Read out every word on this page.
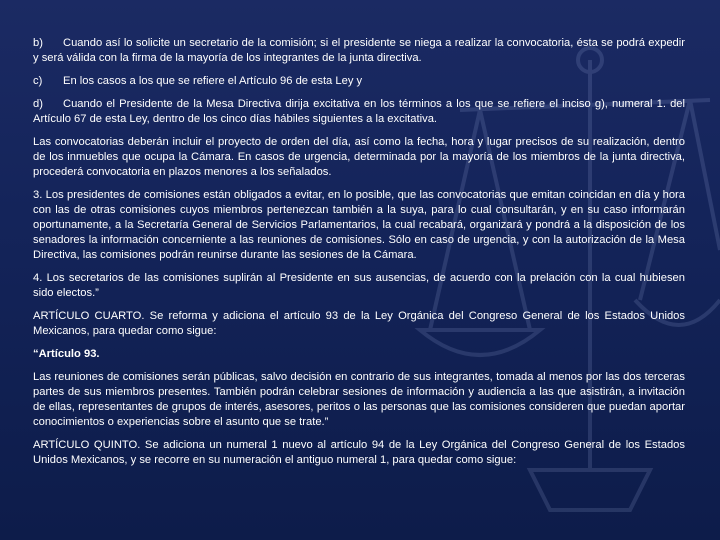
b) Cuando así lo solicite un secretario de la comisión; si el presidente se niega a realizar la convocatoria, ésta se podrá expedir y será válida con la firma de la mayoría de los integrantes de la junta directiva.

c) En los casos a los que se refiere el Artículo 96 de esta Ley y

d) Cuando el Presidente de la Mesa Directiva dirija excitativa en los términos a los que se refiere el inciso g), numeral 1. del Artículo 67 de esta Ley, dentro de los cinco días hábiles siguientes a la excitativa.

Las convocatorias deberán incluir el proyecto de orden del día, así como la fecha, hora y lugar precisos de su realización, dentro de los inmuebles que ocupa la Cámara. En casos de urgencia, determinada por la mayoría de los miembros de la junta directiva, procederá convocatoria en plazos menores a los señalados.

3. Los presidentes de comisiones están obligados a evitar, en lo posible, que las convocatorias que emitan coincidan en día y hora con las de otras comisiones cuyos miembros pertenezcan también a la suya, para lo cual consultarán, y en su caso informarán oportunamente, a la Secretaría General de Servicios Parlamentarios, la cual recabará, organizará y pondrá a la disposición de los senadores la información concerniente a las reuniones de comisiones. Sólo en caso de urgencia, y con la autorización de la Mesa Directiva, las comisiones podrán reunirse durante las sesiones de la Cámara.

4. Los secretarios de las comisiones suplirán al Presidente en sus ausencias, de acuerdo con la prelación con la cual hubiesen sido electos.”

ARTÍCULO CUARTO. Se reforma y adiciona el artículo 93 de la Ley Orgánica del Congreso General de los Estados Unidos Mexicanos, para quedar como sigue:

“Artículo 93.

Las reuniones de comisiones serán públicas, salvo decisión en contrario de sus integrantes, tomada al menos por las dos terceras partes de sus miembros presentes. También podrán celebrar sesiones de información y audiencia a las que asistirán, a invitación de ellas, representantes de grupos de interés, asesores, peritos o las personas que las comisiones consideren que puedan aportar conocimientos o experiencias sobre el asunto que se trate.”

ARTÍCULO QUINTO. Se adiciona un numeral 1 nuevo al artículo 94 de la Ley Orgánica del Congreso General de los Estados Unidos Mexicanos, y se recorre en su numeración el antiguo numeral 1, para quedar como sigue:
